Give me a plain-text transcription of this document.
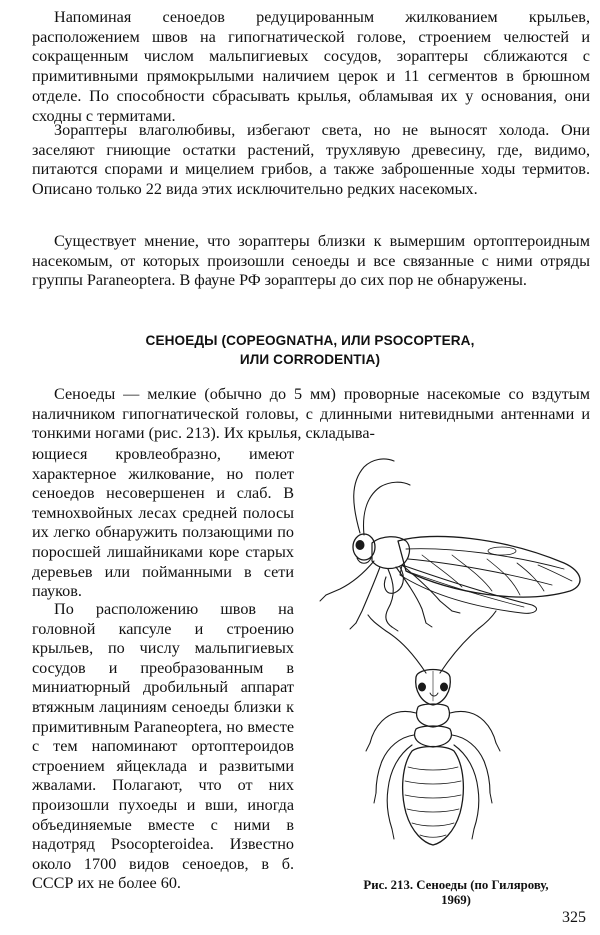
Напоминая сеноедов редуцированным жилкованием крыльев, расположением швов на гипогнатической голове, строением челюстей и сокращенным числом мальпигиевых сосудов, зораптеры сближаются с примитивными прямокрылыми наличием церок и 11 сегментов в брюшном отделе. По способности сбрасывать крылья, обламывая их у основания, они сходны с термитами.

Зораптеры влаголюбивы, избегают света, но не выносят холода. Они заселяют гниющие остатки растений, трухлявую древесину, где, видимо, питаются спорами и мицелием грибов, а также заброшенные ходы термитов. Описано только 22 вида этих исключительно редких насекомых.

Существует мнение, что зораптеры близки к вымершим ортоптероидным насекомым, от которых произошли сеноеды и все связанные с ними отряды группы Paraneoptera. В фауне РФ зораптеры до сих пор не обнаружены.

СЕНОЕДЫ (COPEOGNATHA, ИЛИ PSOCOPTERA,
ИЛИ CORRODENTIA)

Сеноеды — мелкие (обычно до 5 мм) проворные насекомые со вздутым наличником гипогнатической головы, с длинными нитевидными антеннами и тонкими ногами (рис. 213). Их крылья, складыва-

ющиеся кровлеобразно, имеют характерное жилкование, но полет сеноедов несовершенен и слаб. В темнохвойных лесах средней полосы их легко обнаружить ползающими по поросшей лишайниками коре старых деревьев или пойманными в сети пауков.

По расположению швов на головной капсуле и строению крыльев, по числу мальпигиевых сосудов и преобразованным в миниатюрный дробильный аппарат втяжным лациниям сеноеды близки к примитивным Paraneoptera, но вместе с тем напоминают ортоптероидов строением яйцеклада и развитыми жвалами. Полагают, что от них произошли пухоеды и вши, иногда объединяемые вместе с ними в надотряд Psocopteroidea. Известно около 1700 видов сеноедов, в б. СССР их не более 60.	Рис. 213. Сеноеды (по Гилярову,
1969)

325
